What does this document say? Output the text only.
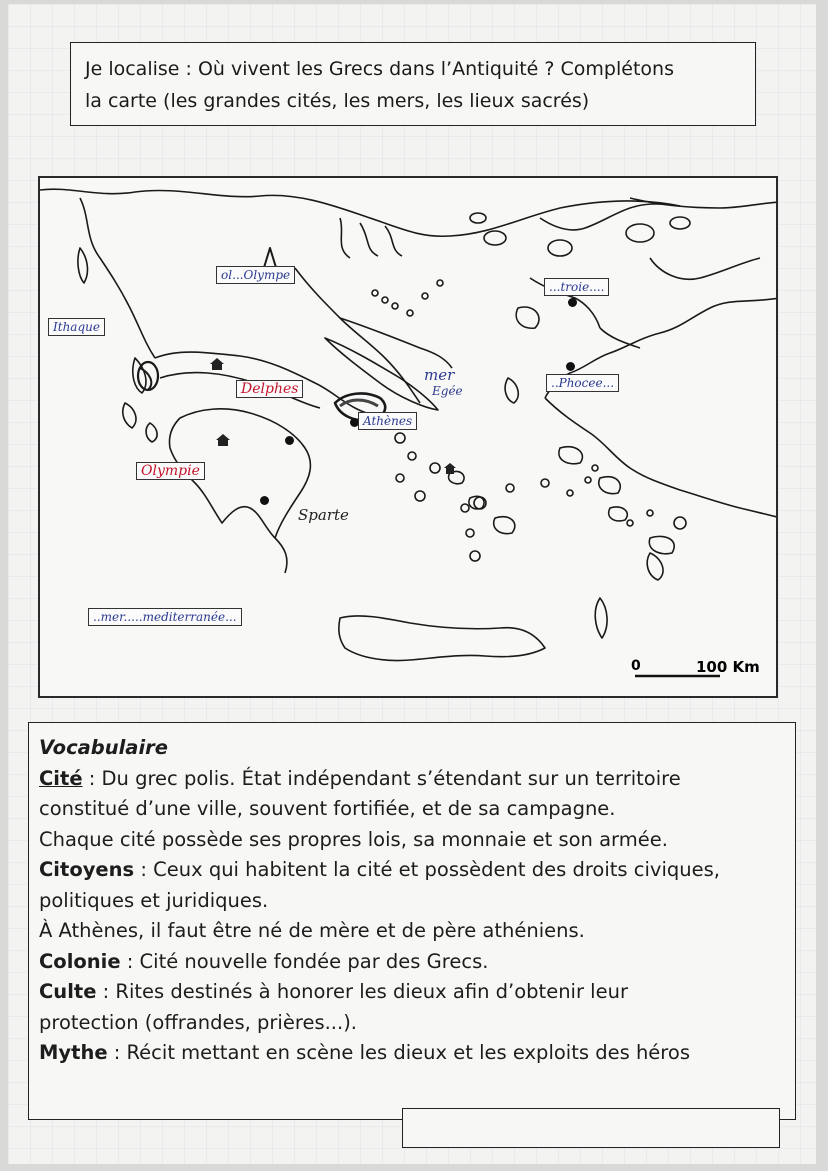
Je localise : Où vivent les Grecs dans l’Antiquité ? Complétons
la carte (les grandes cités, les mers, les lieux sacrés)
ol...Olympe
Ithaque
Delphes
Athènes
Olympie
...troie....
..Phocee...
mer
Egée
Sparte
..mer.....mediterranée...
0	100 Km

Vocabulaire

Cité : Du grec polis. État indépendant s’étendant sur un territoire

constitué d’une ville, souvent fortifiée, et de sa campagne.

Chaque cité possède ses propres lois, sa monnaie et son armée.

Citoyens : Ceux qui habitent la cité et possèdent des droits civiques,

politiques et juridiques.

À Athènes, il faut être né de mère et de père athéniens.

Colonie : Cité nouvelle fondée par des Grecs.

Culte : Rites destinés à honorer les dieux afin d’obtenir leur

protection (offrandes, prières...).

Mythe : Récit mettant en scène les dieux et les exploits des héros
